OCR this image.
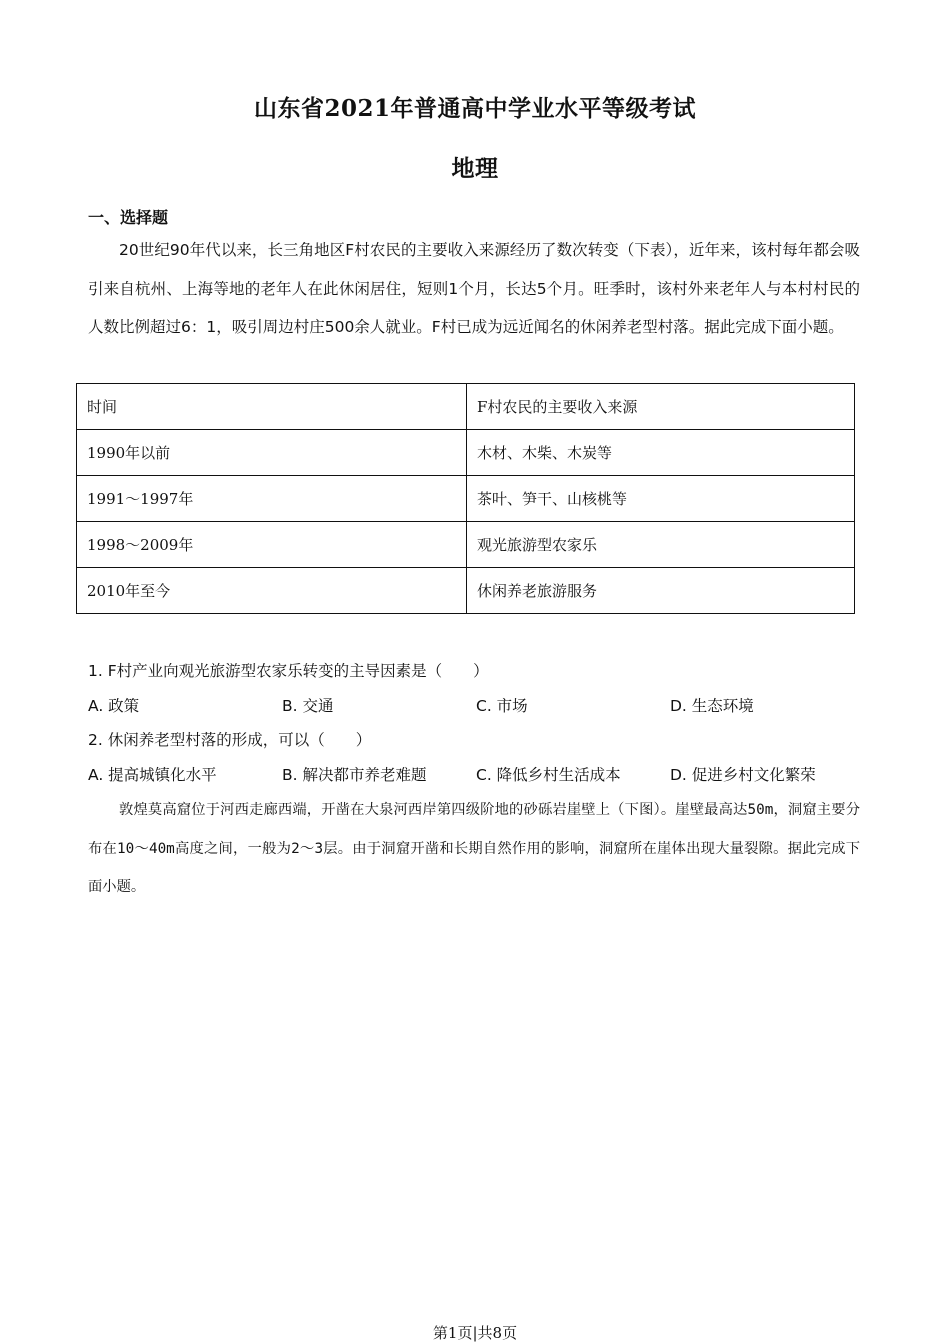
山东省2021年普通高中学业水平等级考试
地理
一、选择题
20世纪90年代以来，长三角地区F村农民的主要收入来源经历了数次转变（下表），近年来，该村每年都会吸引来自杭州、上海等地的老年人在此休闲居住，短则1个月，长达5个月。旺季时，该村外来老年人与本村村民的人数比例超过6：1，吸引周边村庄500余人就业。F村已成为远近闻名的休闲养老型村落。据此完成下面小题。
时间	F村农民的主要收入来源
1990年以前	木材、木柴、木炭等
1991～1997年	茶叶、笋干、山核桃等
1998～2009年	观光旅游型农家乐
2010年至今	休闲养老旅游服务
1. F村产业向观光旅游型农家乐转变的主导因素是（　　）
A. 政策	B. 交通	C. 市场	D. 生态环境
2. 休闲养老型村落的形成，可以（　　）
A. 提高城镇化水平	B. 解决都市养老难题	C. 降低乡村生活成本	D. 促进乡村文化繁荣
敦煌莫高窟位于河西走廊西端，开凿在大泉河西岸第四级阶地的砂砾岩崖壁上（下图）。崖壁最高达50m，洞窟主要分布在10～40m高度之间，一般为2～3层。由于洞窟开凿和长期自然作用的影响，洞窟所在崖体出现大量裂隙。据此完成下面小题。
第1页|共8页
